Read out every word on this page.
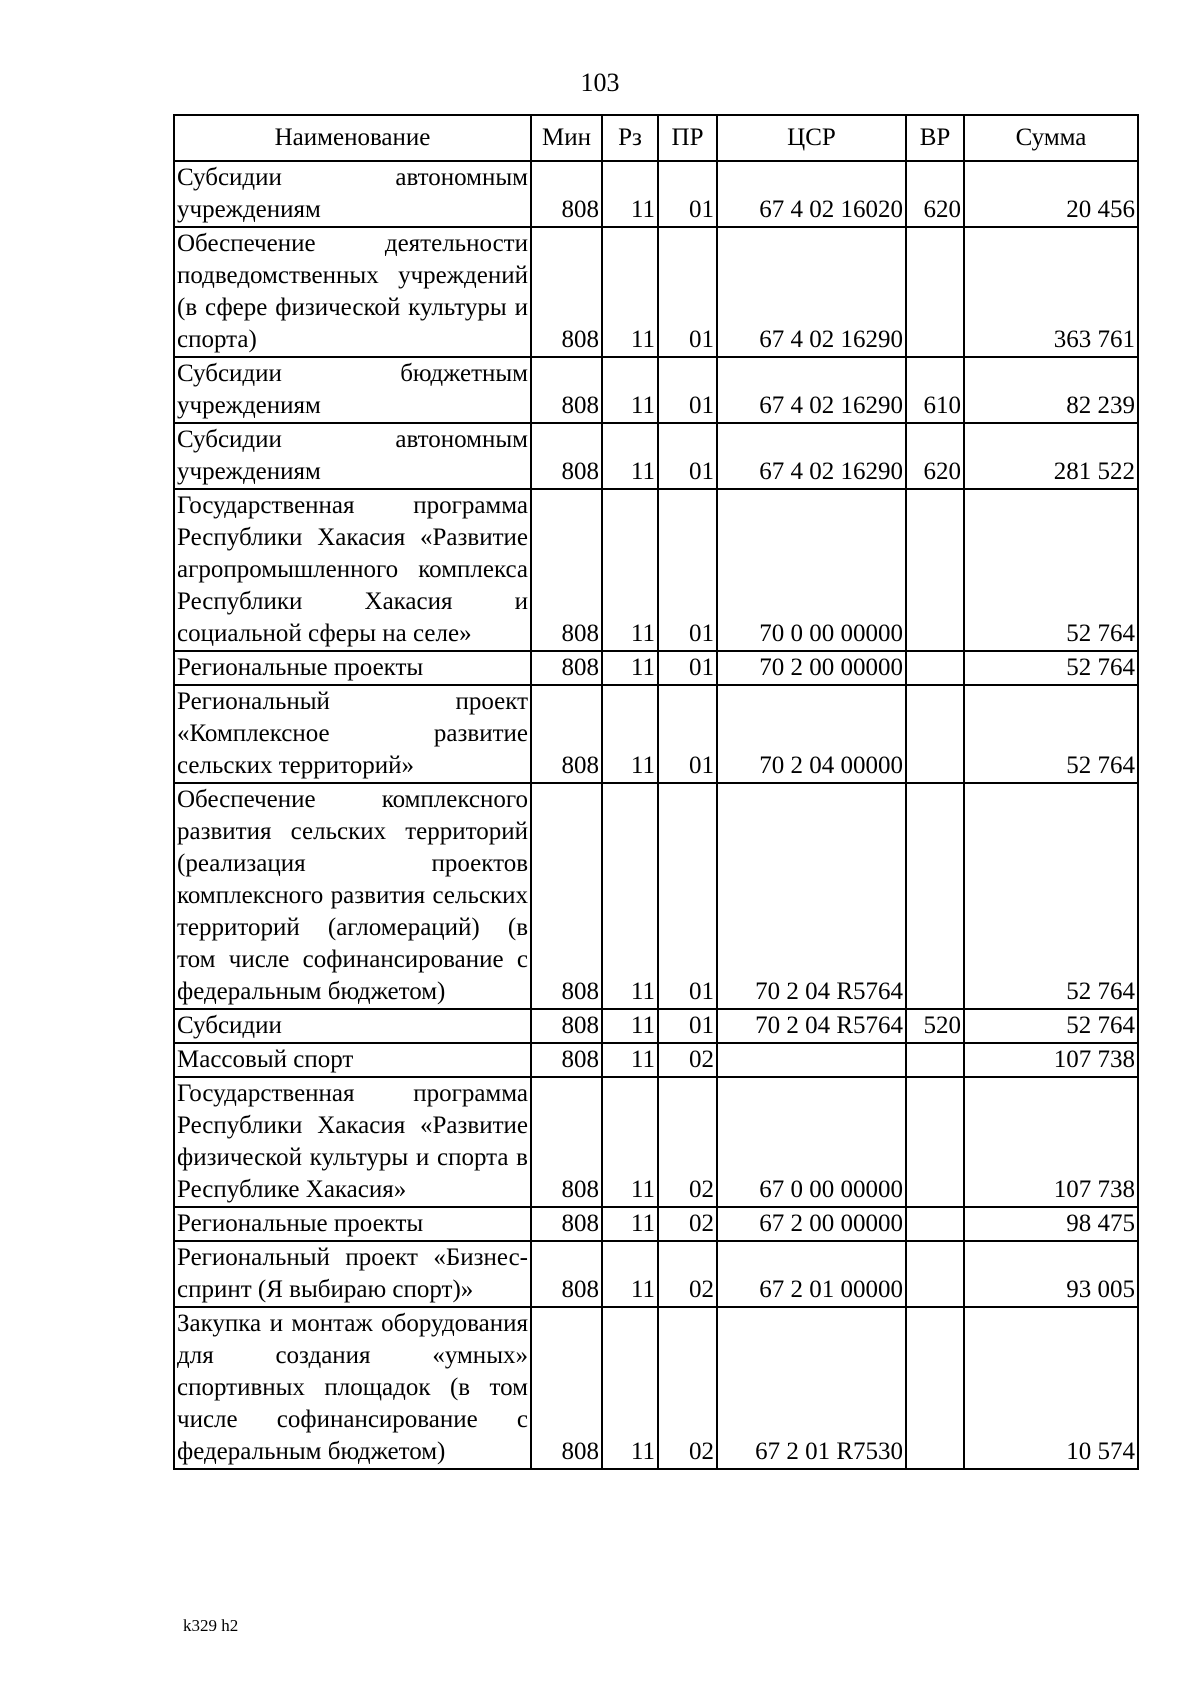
103
Наименование	Мин	Рз	ПР	ЦСР	ВР	Сумма
Субсидии автономным учреждениям	808	11	01	67 4 02 16020	620	20 456
Обеспечение деятельности подведомственных учреждений (в сфере физической культуры и спорта)	808	11	01	67 4 02 16290		363 761
Субсидии бюджетным учреждениям	808	11	01	67 4 02 16290	610	82 239
Субсидии автономным учреждениям	808	11	01	67 4 02 16290	620	281 522
Государственная программа Республики Хакасия «Развитие агропромышленного комплекса Республики Хакасия и социальной сферы на селе»	808	11	01	70 0 00 00000		52 764
Региональные проекты	808	11	01	70 2 00 00000		52 764
Региональный проект «Комплексное развитие сельских территорий»	808	11	01	70 2 04 00000		52 764
Обеспечение комплексного развития сельских территорий (реализация проектов комплексного развития сельских территорий (агломераций) (в том числе софинансирование с федеральным бюджетом)	808	11	01	70 2 04 R5764		52 764
Субсидии	808	11	01	70 2 04 R5764	520	52 764
Массовый спорт	808	11	02			107 738
Государственная программа Республики Хакасия «Развитие физической культуры и спорта в Республике Хакасия»	808	11	02	67 0 00 00000		107 738
Региональные проекты	808	11	02	67 2 00 00000		98 475
Региональный проект «Бизнес-спринт (Я выбираю спорт)»	808	11	02	67 2 01 00000		93 005
Закупка и монтаж оборудования для создания «умных» спортивных площадок (в том числе софинансирование с федеральным бюджетом)	808	11	02	67 2 01 R7530		10 574
k329 h2
